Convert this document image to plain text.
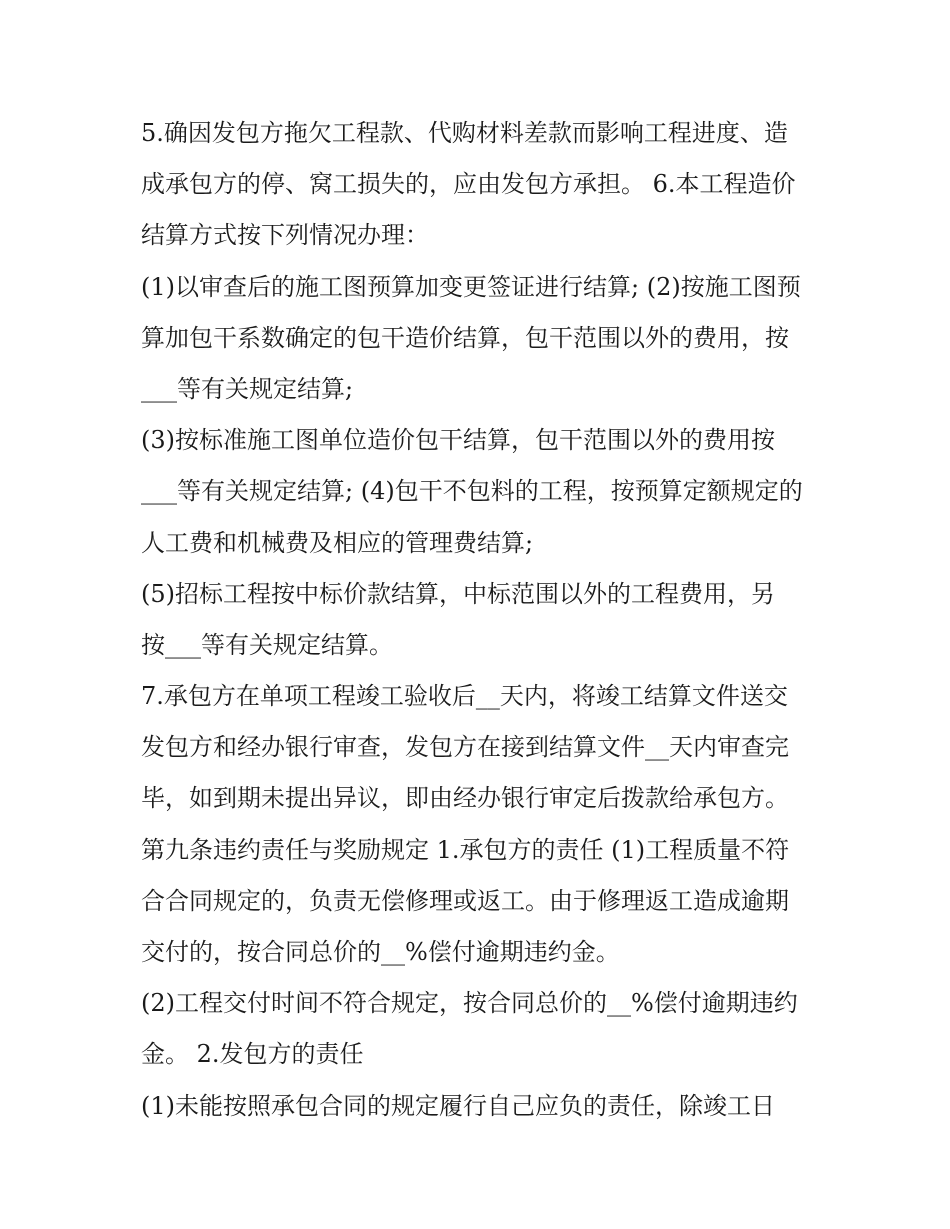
5.确因发包方拖欠工程款、代购材料差款而影响工程进度、造
成承包方的停、窝工损失的，应由发包方承担。 6.本工程造价
结算方式按下列情况办理：
(1)以审查后的施工图预算加变更签证进行结算; (2)按施工图预
算加包干系数确定的包干造价结算，包干范围以外的费用，按
___等有关规定结算;
(3)按标准施工图单位造价包干结算，包干范围以外的费用按
___等有关规定结算; (4)包干不包料的工程，按预算定额规定的
人工费和机械费及相应的管理费结算;
(5)招标工程按中标价款结算，中标范围以外的工程费用，另
按___等有关规定结算。
7.承包方在单项工程竣工验收后__天内，将竣工结算文件送交
发包方和经办银行审查，发包方在接到结算文件__天内审查完
毕，如到期未提出异议，即由经办银行审定后拨款给承包方。
第九条违约责任与奖励规定 1.承包方的责任 (1)工程质量不符
合合同规定的，负责无偿修理或返工。由于修理返工造成逾期
交付的，按合同总价的__%偿付逾期违约金。
(2)工程交付时间不符合规定，按合同总价的__%偿付逾期违约
金。 2.发包方的责任
(1)未能按照承包合同的规定履行自己应负的责任，除竣工日
